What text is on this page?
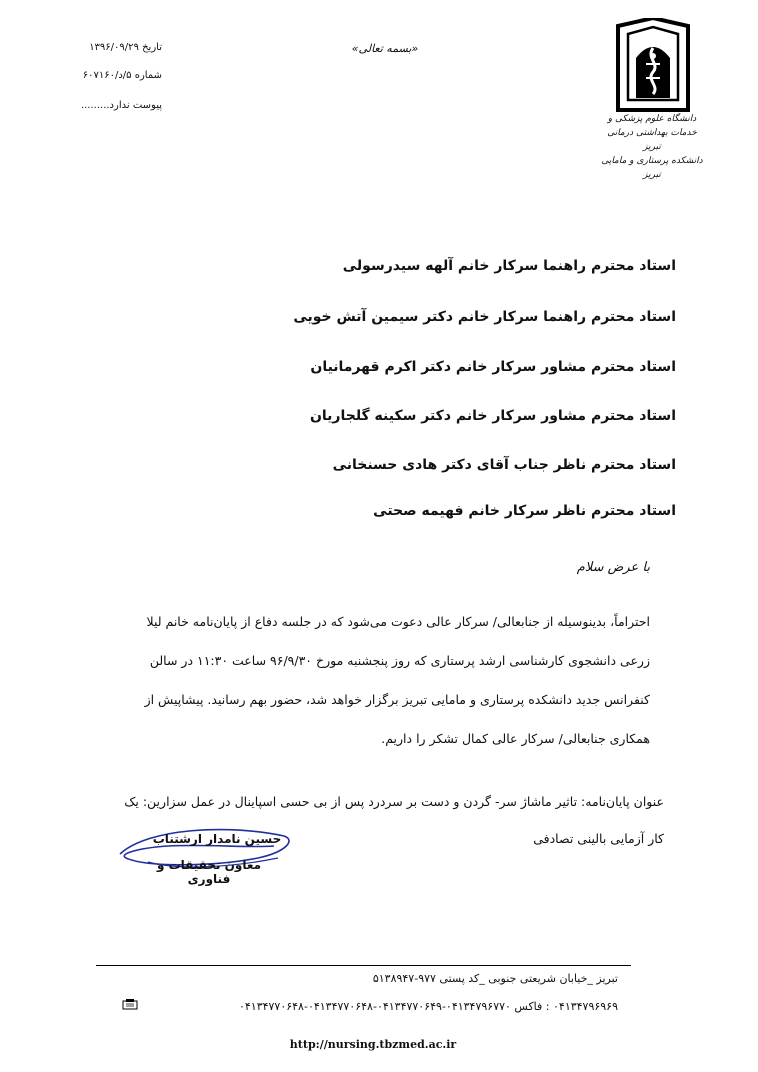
دانشگاه علوم پزشکی و خدمات بهداشتی درمانی تبریز
دانشکده پرستاری و مامایی تبریز
«بسمه تعالی»
تاریخ ۱۳۹۶/۰۹/۲۹
شماره ۵/د/۶۰۷۱۶۰
پیوست ندارد.........
استاد محترم راهنما سرکار خانم آلهه سیدرسولی
استاد محترم راهنما سرکار خانم دکتر سیمین آتش خویی
استاد محترم مشاور سرکار خانم دکتر اکرم قهرمانیان
استاد محترم مشاور سرکار خانم دکتر سکینه گلجاریان
استاد محترم ناظر جناب آقای دکتر هادی حسنخانی
استاد محترم ناظر سرکار خانم فهیمه صحتی
با عرض سلام
احتراماً، بدینوسیله از جنابعالی/ سرکار عالی دعوت می‌شود که در جلسه دفاع از پایان‌نامه خانم لیلا
زرعی دانشجوی کارشناسی ارشد پرستاری که روز پنجشنبه مورخ ۹۶/۹/۳۰ ساعت ۱۱:۳۰ در سالن
کنفرانس جدید دانشکده پرستاری و مامایی تبریز برگزار خواهد شد، حضور بهم رسانید. پیشاپیش از
همکاری جنابعالی/ سرکار عالی کمال تشکر را داریم.
عنوان پایان‌نامه: تاثیر ماشاژ سر- گردن و دست بر سردرد پس از بی حسی اسپاینال در عمل سزارین: یک
کار آزمایی بالینی تصادفی
حسین نامدار ارشتناب
معاون تحقیقات و فناوری
تبریز _خیابان شریعتی جنوبی _کد پستی ۹۷۷-۵۱۳۸۹۴۷
۰۴۱۳۴۷۹۶۹۶۹ : فاکس ۰۴۱۳۴۷۹۶۷۷۰-۰۴۱۳۴۷۷۰۶۴۹-۰۴۱۳۴۷۷۰۶۴۸-۰۴۱۳۴۷۷۰۶۴۸
http://nursing.tbzmed.ac.ir
